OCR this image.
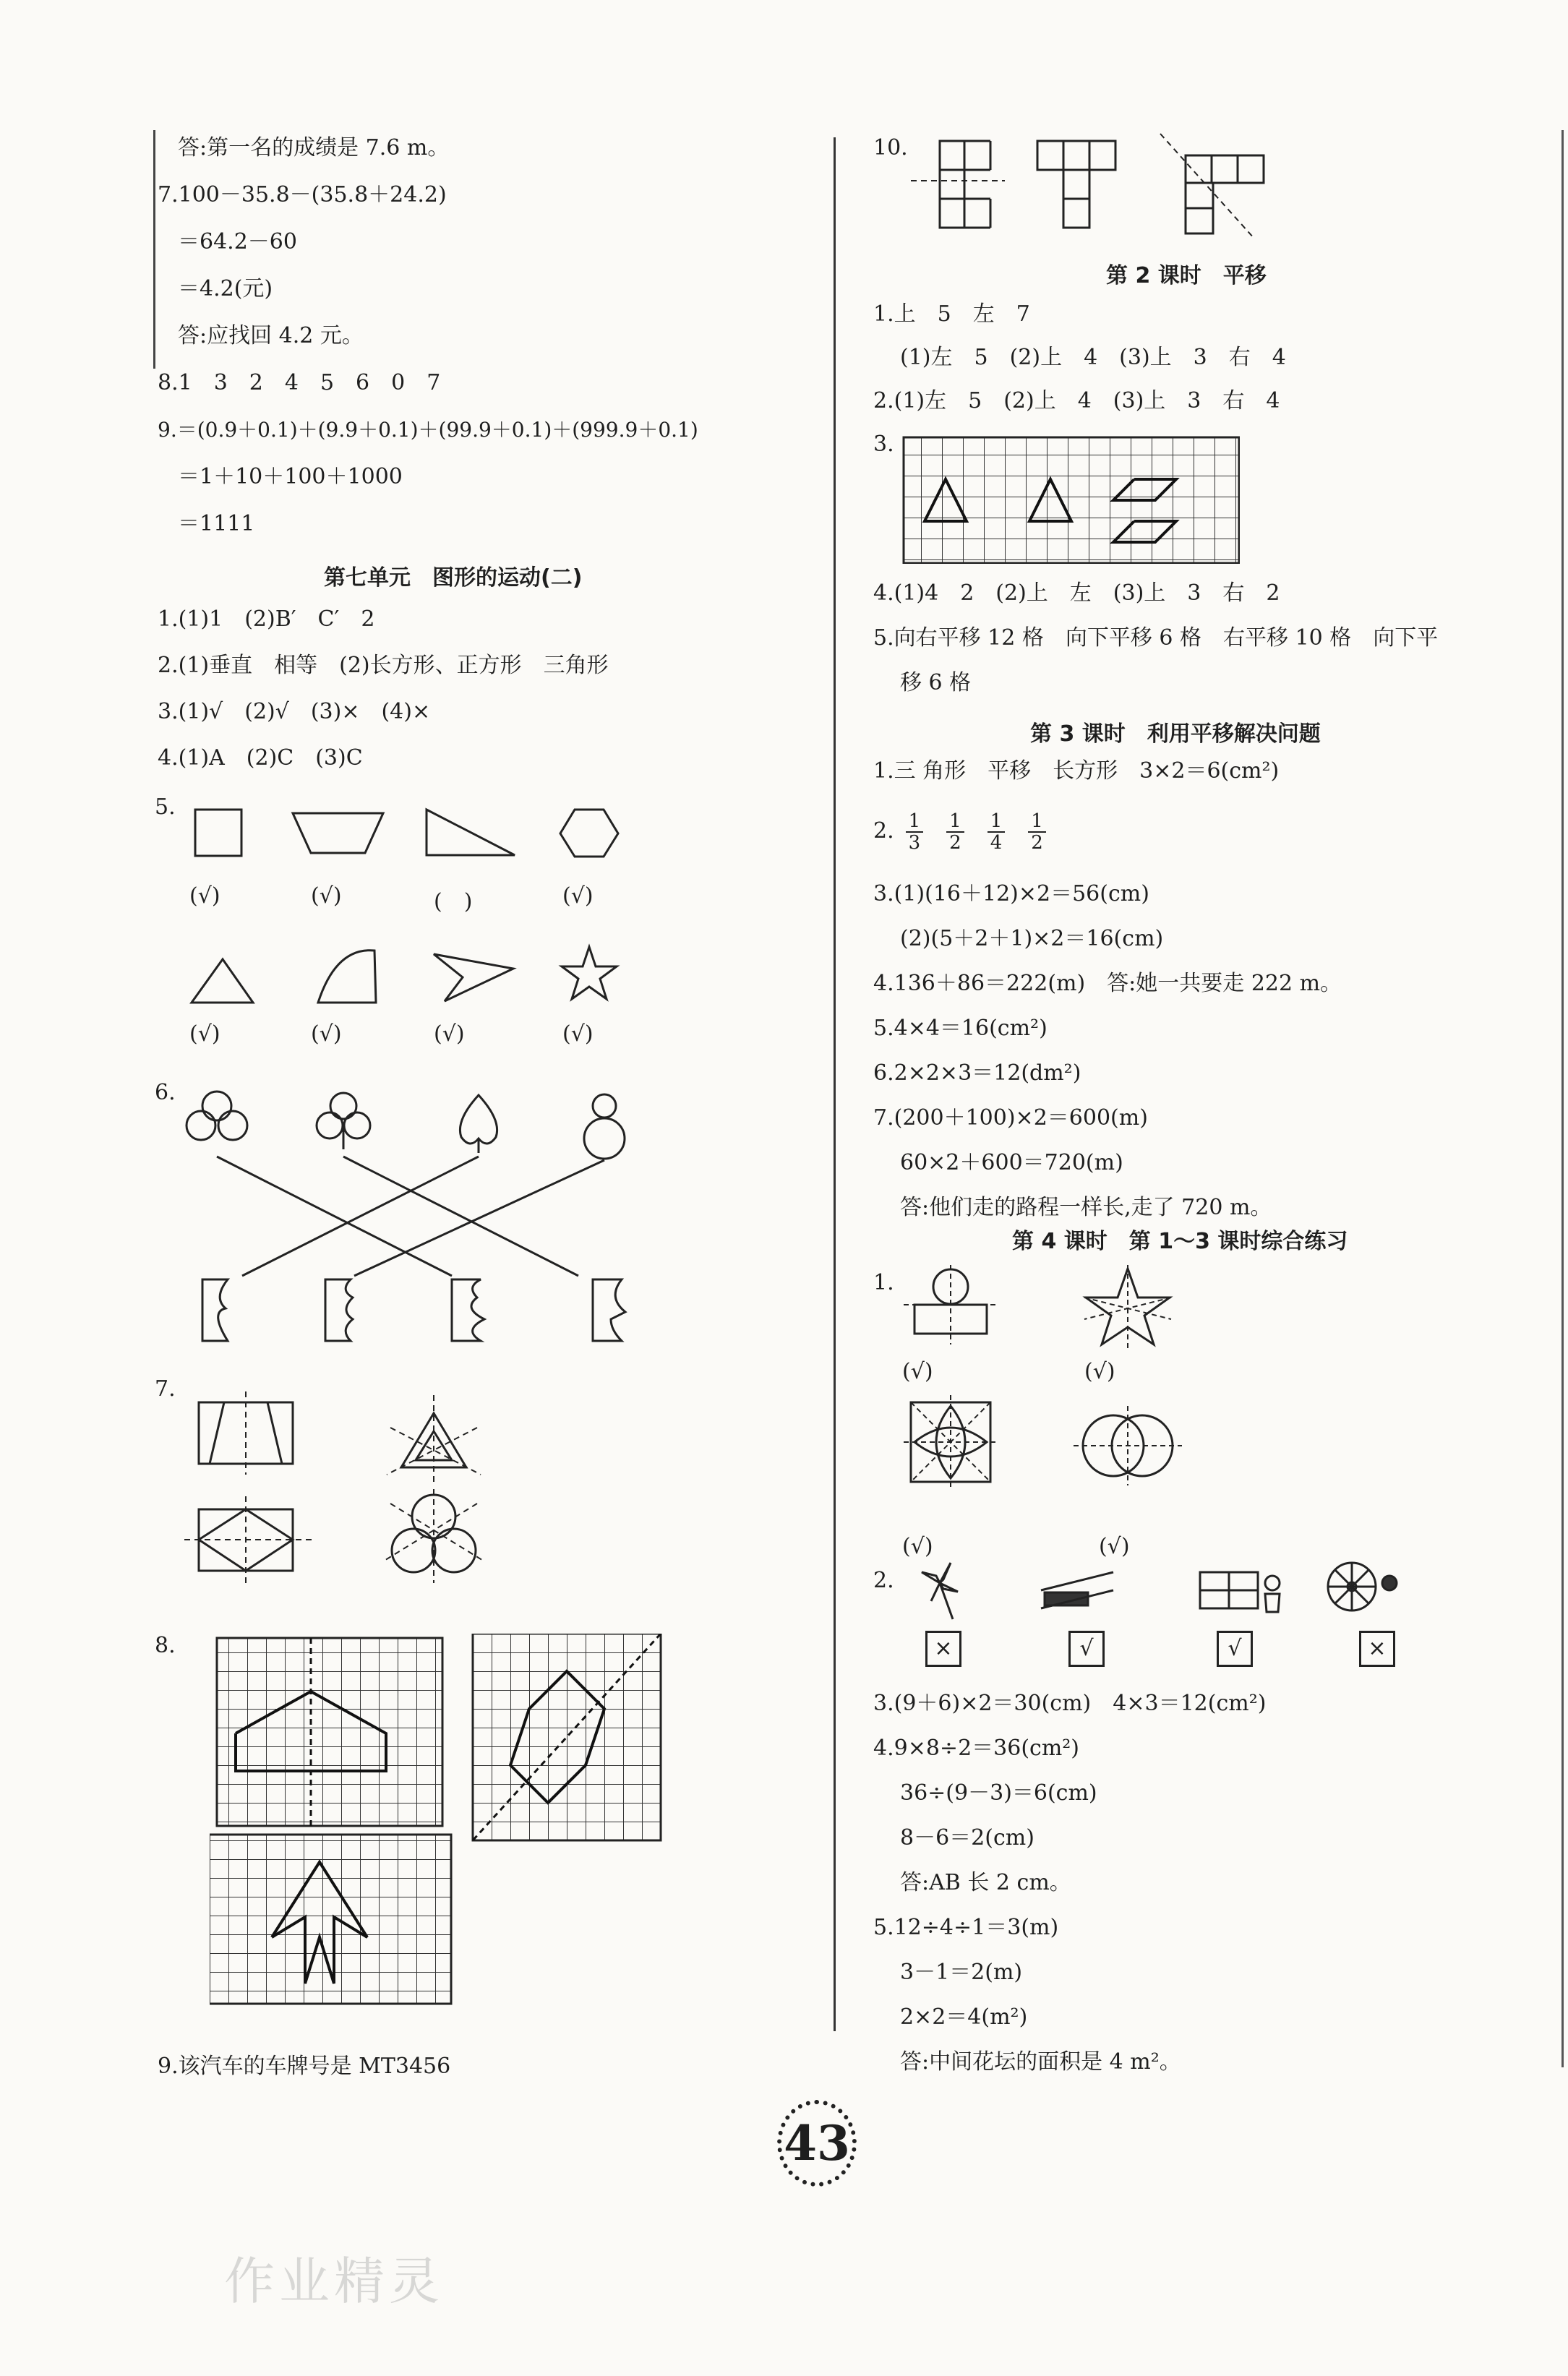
答:第一名的成绩是 7.6 m。
7.100－35.8－(35.8＋24.2)
＝64.2－60
＝4.2(元)
答:应找回 4.2 元。
8.1　3　2　4　5　6　0　7
9.＝(0.9＋0.1)＋(9.9＋0.1)＋(99.9＋0.1)＋(999.9＋0.1)
＝1＋10＋100＋1000
＝1111
第七单元　图形的运动(二)
1.(1)1　(2)B′　C′　2
2.(1)垂直　相等　(2)长方形、正方形　三角形
3.(1)√　(2)√　(3)×　(4)×
4.(1)A　(2)C　(3)C
5.
(√)	(√)	(　)	(√)
(√)	(√)	(√)	(√)
6.
7.
8.
9.该汽车的车牌号是 MT3456
10.
第 2 课时　平移
1.上　5　左　7
(1)左　5　(2)上　4　(3)上　3　右　4
2.(1)左　5　(2)上　4　(3)上　3　右　4
3.
4.(1)4　2　(2)上　左　(3)上　3　右　2
5.向右平移 12 格　向下平移 6 格　右平移 10 格　向下平
移 6 格
第 3 课时　利用平移解决问题
1.三 角形　平移　长方形　3×2＝6(cm²)
2. $\frac{1}{3} \frac{1}{2} \frac{1}{4} \frac{1}{2}$
3.(1)(16＋12)×2＝56(cm)
(2)(5＋2＋1)×2＝16(cm)
4.136＋86＝222(m)　答:她一共要走 222 m。
5.4×4＝16(cm²)
6.2×2×3＝12(dm²)
7.(200＋100)×2＝600(m)
60×2＋600＝720(m)
答:他们走的路程一样长,走了 720 m。
第 4 课时　第 1～3 课时综合练习
1.
(√)	(√)
(√)	(√)
2.
×	√	√	×
3.(9＋6)×2＝30(cm)　4×3＝12(cm²)
4.9×8÷2＝36(cm²)
36÷(9－3)＝6(cm)
8－6＝2(cm)
答:AB 长 2 cm。
5.12÷4÷1＝3(m)
3－1＝2(m)
2×2＝4(m²)
答:中间花坛的面积是 4 m²。
43
作业精灵
